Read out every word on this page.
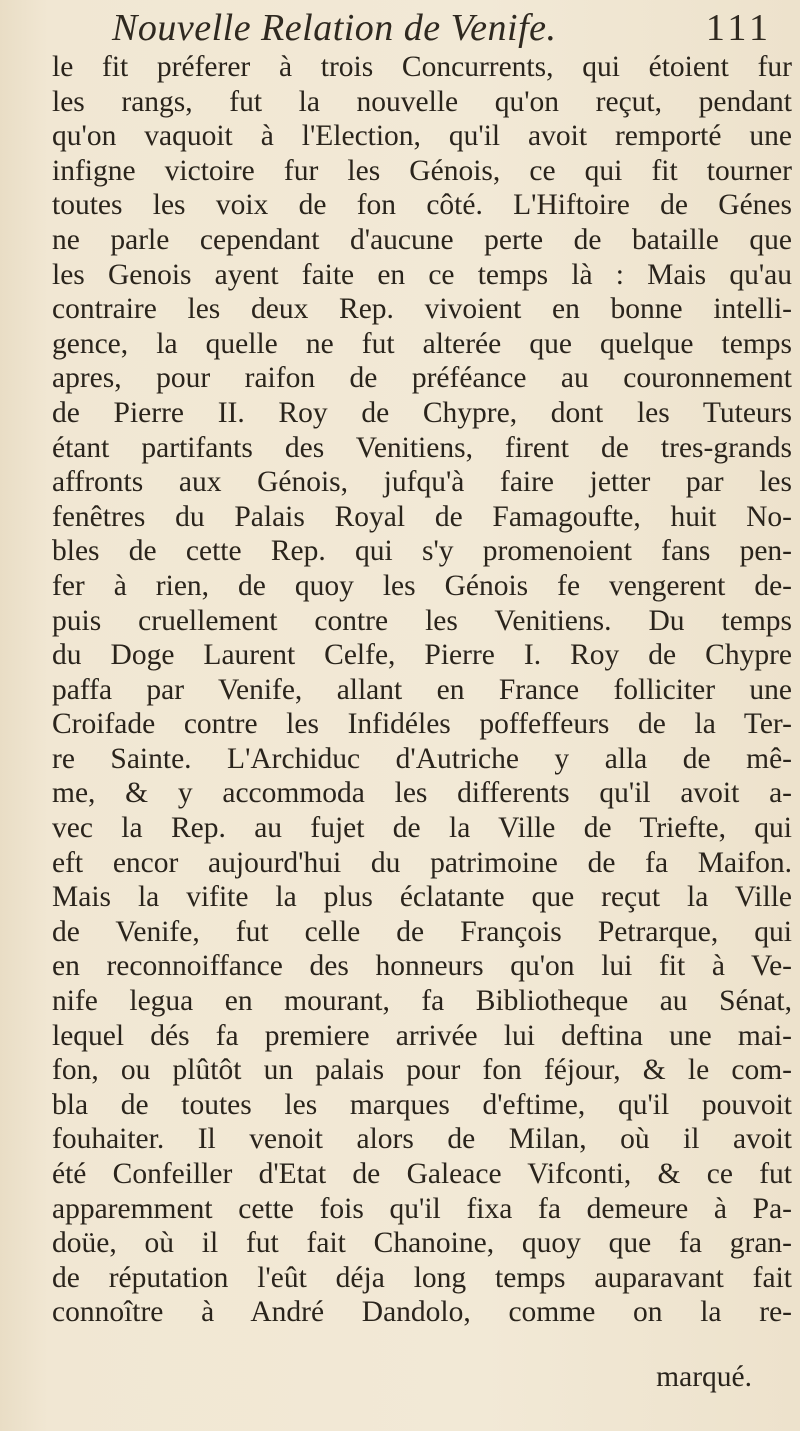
Nouvelle Relation de Venife.	111
le fit préferer à trois Concurrents, qui étoient fur
les rangs, fut la nouvelle qu'on reçut, pendant
qu'on vaquoit à l'Election, qu'il avoit remporté une
infigne victoire fur les Génois, ce qui fit tourner
toutes les voix de fon côté. L'Hiftoire de Génes
ne parle cependant d'aucune perte de bataille que
les Genois ayent faite en ce temps là : Mais qu'au
contraire les deux Rep. vivoient en bonne intelli-
gence, la quelle ne fut alterée que quelque temps
apres, pour raifon de préféance au couronnement
de Pierre II. Roy de Chypre, dont les Tuteurs
étant partifants des Venitiens, firent de tres-grands
affronts aux Génois, jufqu'à faire jetter par les
fenêtres du Palais Royal de Famagoufte, huit No-
bles de cette Rep. qui s'y promenoient fans pen-
fer à rien, de quoy les Génois fe vengerent de-
puis cruellement contre les Venitiens. Du temps
du Doge Laurent Celfe, Pierre I. Roy de Chypre
paffa par Venife, allant en France folliciter une
Croifade contre les Infidéles poffeffeurs de la Ter-
re Sainte. L'Archiduc d'Autriche y alla de mê-
me, & y accommoda les differents qu'il avoit a-
vec la Rep. au fujet de la Ville de Triefte, qui
eft encor aujourd'hui du patrimoine de fa Maifon.
Mais la vifite la plus éclatante que reçut la Ville
de Venife, fut celle de François Petrarque, qui
en reconnoiffance des honneurs qu'on lui fit à Ve-
nife legua en mourant, fa Bibliotheque au Sénat,
lequel dés fa premiere arrivée lui deftina une mai-
fon, ou plûtôt un palais pour fon féjour, & le com-
bla de toutes les marques d'eftime, qu'il pouvoit
fouhaiter. Il venoit alors de Milan, où il avoit
été Confeiller d'Etat de Galeace Vifconti, & ce fut
apparemment cette fois qu'il fixa fa demeure à Pa-
doüe, où il fut fait Chanoine, quoy que fa gran-
de réputation l'eût déja long temps auparavant fait
connoître à André Dandolo, comme on la re-
marqué.
